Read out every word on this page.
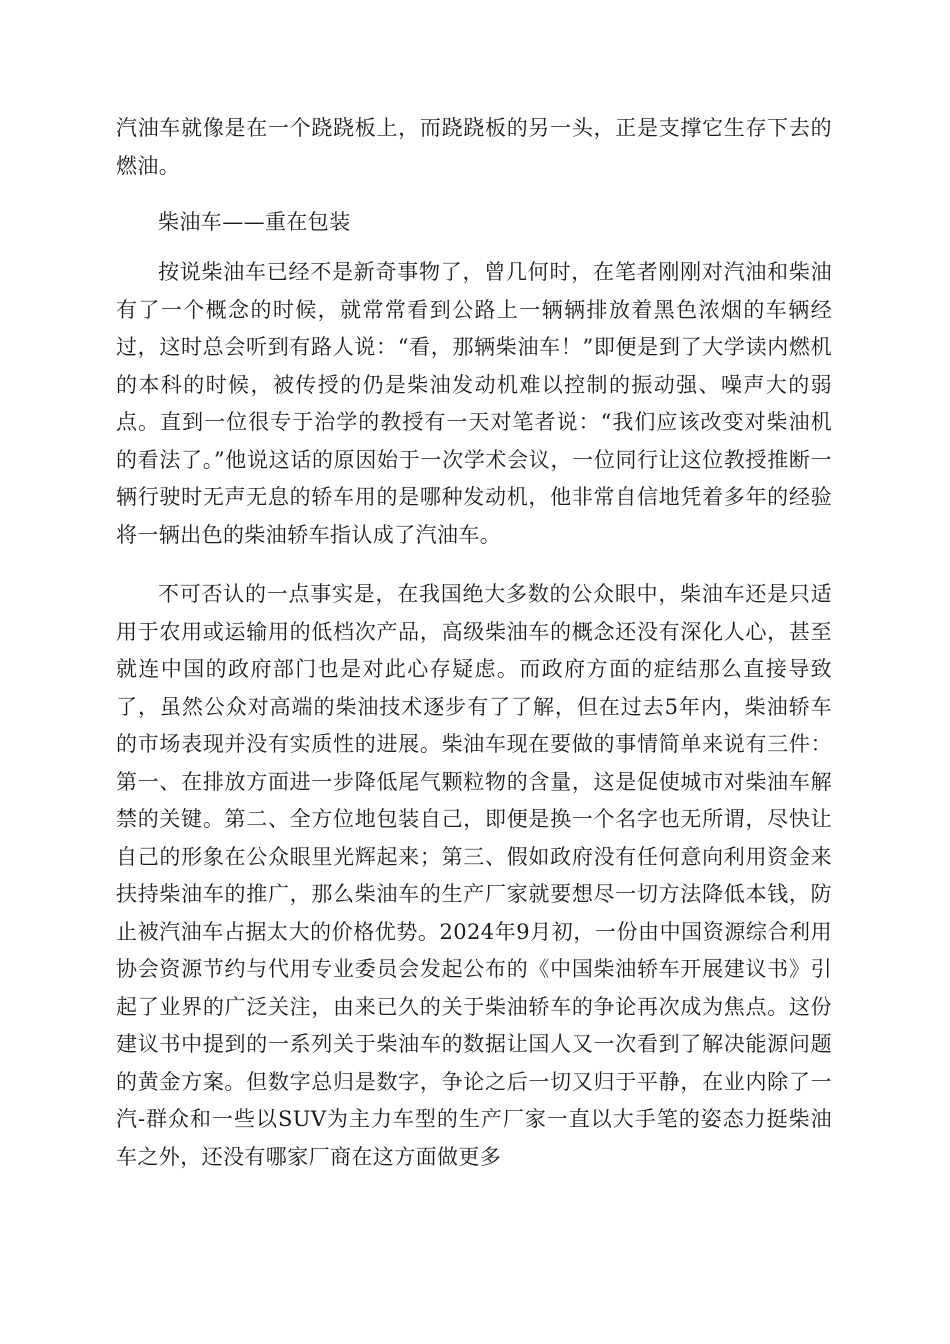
汽油车就像是在一个跷跷板上，而跷跷板的另一头，正是支撑它生存下去的燃油。

柴油车——重在包装

按说柴油车已经不是新奇事物了，曾几何时，在笔者刚刚对汽油和柴油有了一个概念的时候，就常常看到公路上一辆辆排放着黑色浓烟的车辆经过，这时总会听到有路人说：“看，那辆柴油车！”即便是到了大学读内燃机的本科的时候，被传授的仍是柴油发动机难以控制的振动强、噪声大的弱点。直到一位很专于治学的教授有一天对笔者说：“我们应该改变对柴油机的看法了。”他说这话的原因始于一次学术会议，一位同行让这位教授推断一辆行驶时无声无息的轿车用的是哪种发动机，他非常自信地凭着多年的经验将一辆出色的柴油轿车指认成了汽油车。

不可否认的一点事实是，在我国绝大多数的公众眼中，柴油车还是只适用于农用或运输用的低档次产品，高级柴油车的概念还没有深化人心，甚至就连中国的政府部门也是对此心存疑虑。而政府方面的症结那么直接导致了，虽然公众对高端的柴油技术逐步有了了解，但在过去5年内，柴油轿车的市场表现并没有实质性的进展。柴油车现在要做的事情简单来说有三件：第一、在排放方面进一步降低尾气颗粒物的含量，这是促使城市对柴油车解禁的关键。第二、全方位地包装自己，即便是换一个名字也无所谓，尽快让自己的形象在公众眼里光辉起来；第三、假如政府没有任何意向利用资金来扶持柴油车的推广，那么柴油车的生产厂家就要想尽一切方法降低本钱，防止被汽油车占据太大的价格优势。2024年9月初，一份由中国资源综合利用协会资源节约与代用专业委员会发起公布的《中国柴油轿车开展建议书》引起了业界的广泛关注，由来已久的关于柴油轿车的争论再次成为焦点。这份建议书中提到的一系列关于柴油车的数据让国人又一次看到了解决能源问题的黄金方案。但数字总归是数字，争论之后一切又归于平静，在业内除了一汽-群众和一些以SUV为主力车型的生产厂家一直以大手笔的姿态力挺柴油车之外，还没有哪家厂商在这方面做更多
